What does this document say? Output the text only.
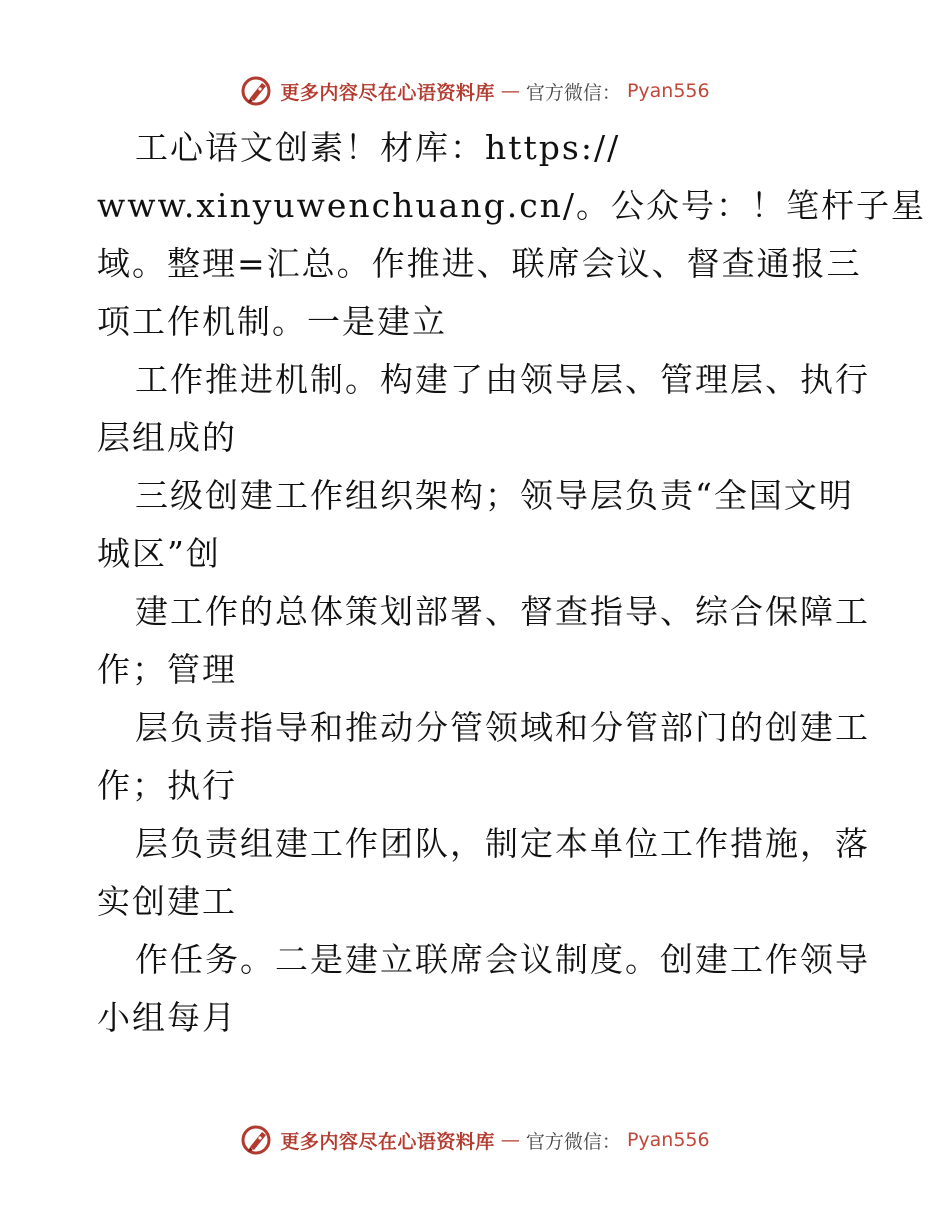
更多内容尽在心语资料库 — 官方微信： Pyan556
工心语文创素！材库：https://
www.xinyuwenchuang.cn/。公众号：！笔杆子星
域。整理=汇总。作推进、联席会议、督查通报三
项工作机制。一是建立
工作推进机制。构建了由领导层、管理层、执行
层组成的
三级创建工作组织架构；领导层负责“全国文明
城区”创
建工作的总体策划部署、督查指导、综合保障工
作；管理
层负责指导和推动分管领域和分管部门的创建工
作；执行
层负责组建工作团队，制定本单位工作措施，落
实创建工
作任务。二是建立联席会议制度。创建工作领导
小组每月
更多内容尽在心语资料库 — 官方微信： Pyan556
